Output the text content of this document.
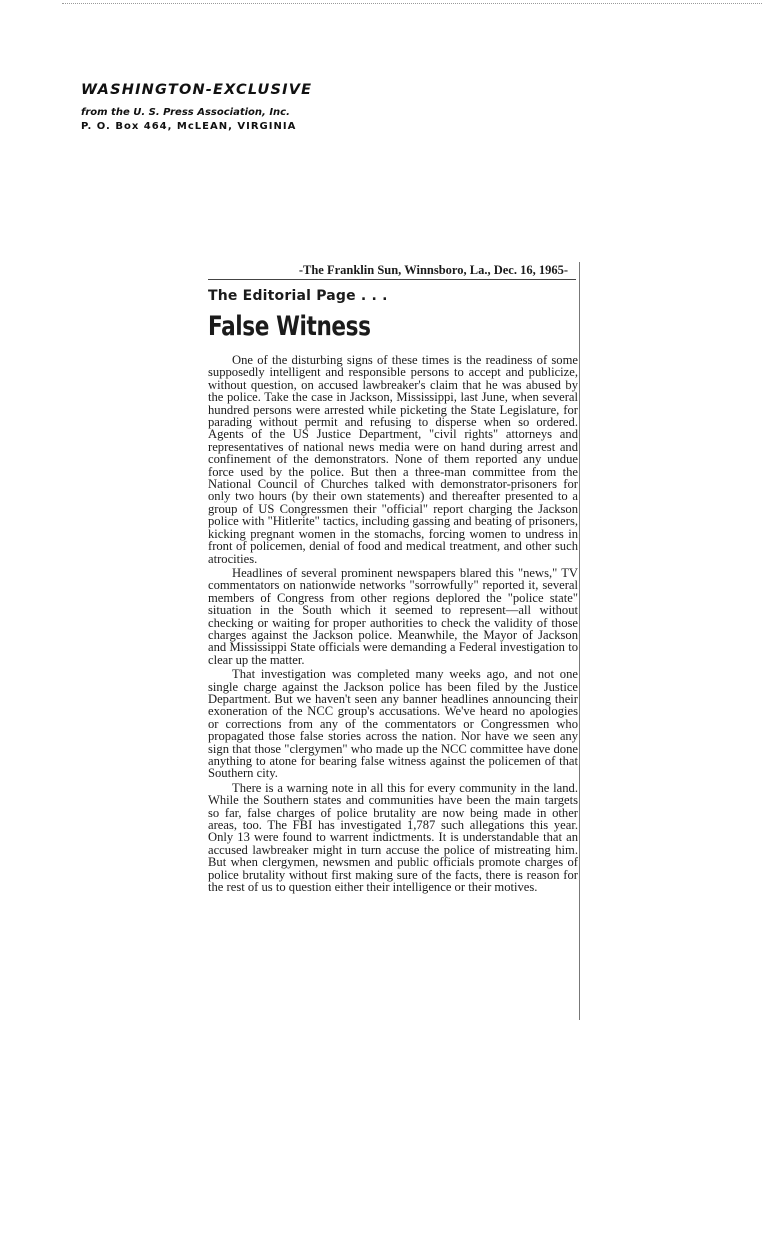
WASHINGTON-EXCLUSIVE
from the U. S. Press Association, Inc.
P. O. Box 464, McLEAN, VIRGINIA
-The Franklin Sun, Winnsboro, La., Dec. 16, 1965-
The Editorial Page . . .
False Witness

One of the disturbing signs of these times is the readiness of some supposedly intelligent and responsible persons to accept and publicize, without question, on accused lawbreaker's claim that he was abused by the police. Take the case in Jackson, Mississippi, last June, when several hundred persons were arrested while picketing the State Legislature, for parading without permit and refusing to disperse when so ordered. Agents of the US Justice Department, "civil rights" attorneys and representatives of national news media were on hand during arrest and confinement of the demonstrators. None of them reported any undue force used by the police. But then a three-man committee from the National Council of Churches talked with demonstrator-prisoners for only two hours (by their own statements) and thereafter presented to a group of US Congressmen their "official" report charging the Jackson police with "Hitlerite" tactics, including gassing and beating of prisoners, kicking pregnant women in the stomachs, forcing women to undress in front of policemen, denial of food and medical treatment, and other such atrocities.

Headlines of several prominent newspapers blared this "news," TV commentators on nationwide networks "sorrowfully" reported it, several members of Congress from other regions deplored the "police state" situation in the South which it seemed to represent—all without checking or waiting for proper authorities to check the validity of those charges against the Jackson police. Meanwhile, the Mayor of Jackson and Mississippi State officials were demanding a Federal investigation to clear up the matter.

That investigation was completed many weeks ago, and not one single charge against the Jackson police has been filed by the Justice Department. But we haven't seen any banner headlines announcing their exoneration of the NCC group's accusations. We've heard no apologies or corrections from any of the commentators or Congressmen who propagated those false stories across the nation. Nor have we seen any sign that those "clergymen" who made up the NCC committee have done anything to atone for bearing false witness against the policemen of that Southern city.

There is a warning note in all this for every community in the land. While the Southern states and communities have been the main targets so far, false charges of police brutality are now being made in other areas, too. The FBI has investigated 1,787 such allegations this year. Only 13 were found to warrent indictments. It is understandable that an accused lawbreaker might in turn accuse the police of mistreating him. But when clergymen, newsmen and public officials promote charges of police brutality without first making sure of the facts, there is reason for the rest of us to question either their intelligence or their motives.
